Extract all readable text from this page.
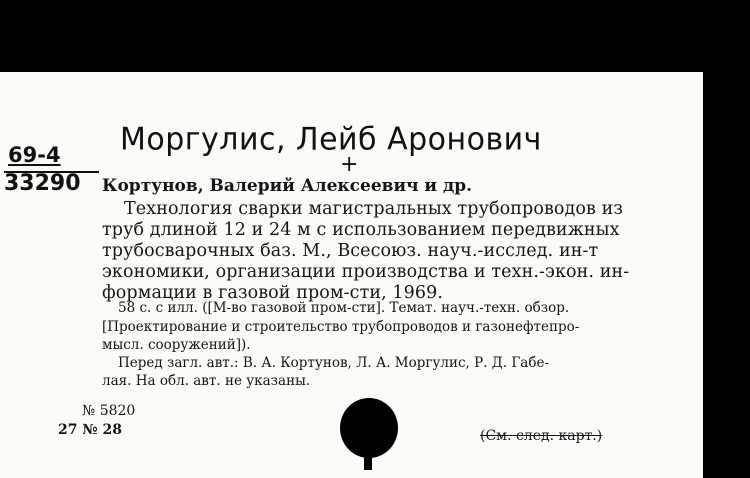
Моргулис, Лейб Аронович
69-4
33290
+
Кортунов, Валерий Алексеевич и др.
Технология сварки магистральных трубопроводов из
труб длиной 12 и 24 м с использованием передвижных
трубосварочных баз. М., Всесоюз. науч.-исслед. ин-т
экономики, организации производства и техн.-экон. ин-
формации в газовой пром-сти, 1969.
58 с. с илл. ([М-во газовой пром-сти]. Темат. науч.-техн. обзор.
[Проектирование и строительство трубопроводов и газонефтепро-
мысл. сооружений]).
Перед загл. авт.: В. А. Кортунов, Л. А. Моргулис, Р. Д. Габе-
лая. На обл. авт. не указаны.
№ 5820
27 № 28	(См. след. карт.)
